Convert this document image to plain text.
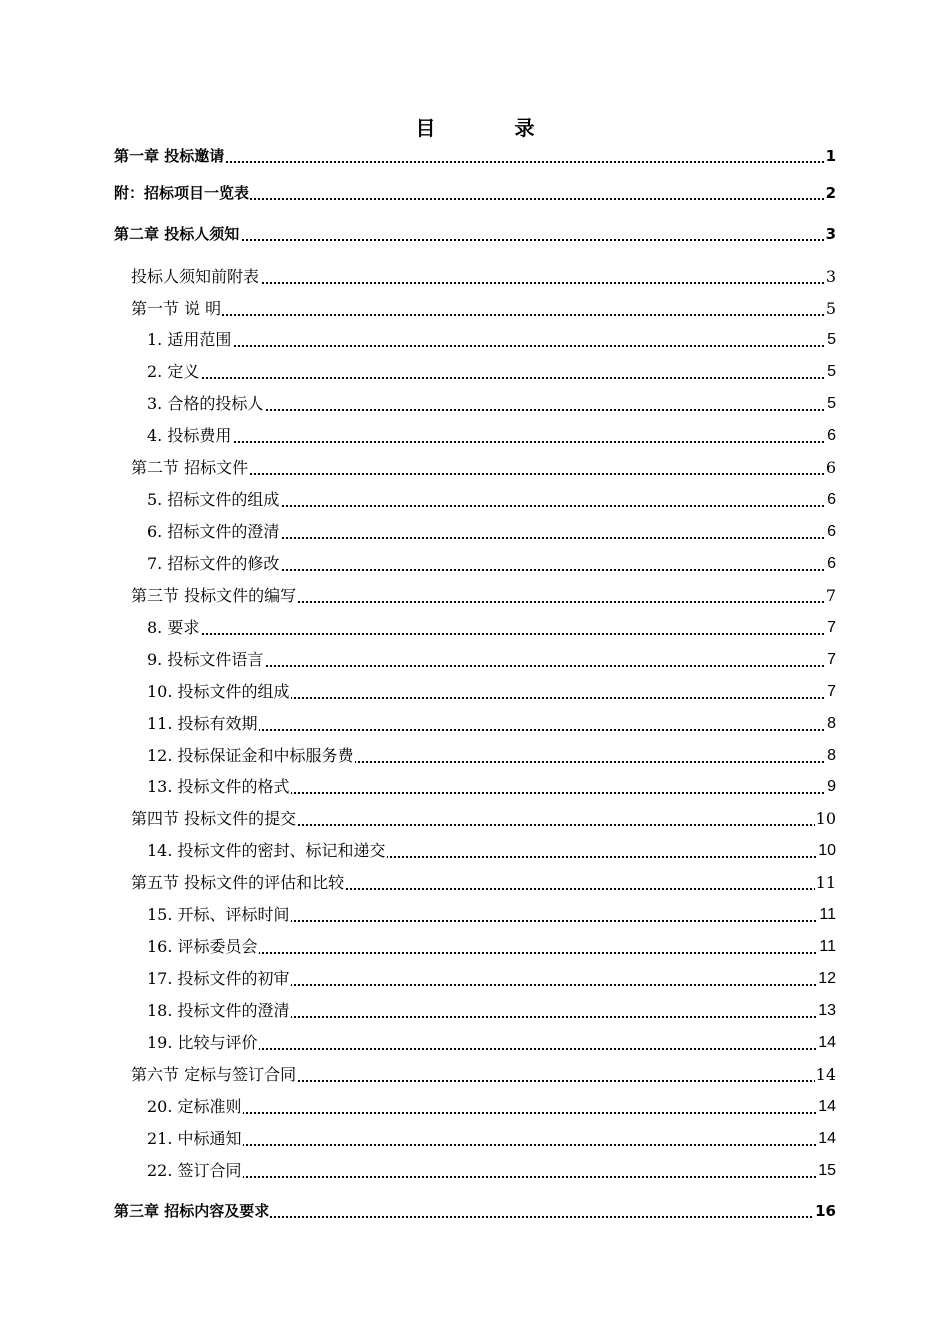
目 录
第一章 投标邀请	1
附：招标项目一览表	2
第二章 投标人须知	3
投标人须知前附表	3
第一节 说 明	5
1. 适用范围	5
2. 定义	5
3. 合格的投标人	5
4. 投标费用	6
第二节 招标文件	6
5. 招标文件的组成	6
6. 招标文件的澄清	6
7. 招标文件的修改	6
第三节 投标文件的编写	7
8. 要求	7
9. 投标文件语言	7
10. 投标文件的组成	7
11. 投标有效期	8
12. 投标保证金和中标服务费	8
13. 投标文件的格式	9
第四节 投标文件的提交	10
14. 投标文件的密封、标记和递交	10
第五节 投标文件的评估和比较	11
15. 开标、评标时间	11
16. 评标委员会	11
17. 投标文件的初审	12
18. 投标文件的澄清	13
19. 比较与评价	14
第六节 定标与签订合同	14
20. 定标准则	14
21. 中标通知	14
22. 签订合同	15
第三章 招标内容及要求	16
